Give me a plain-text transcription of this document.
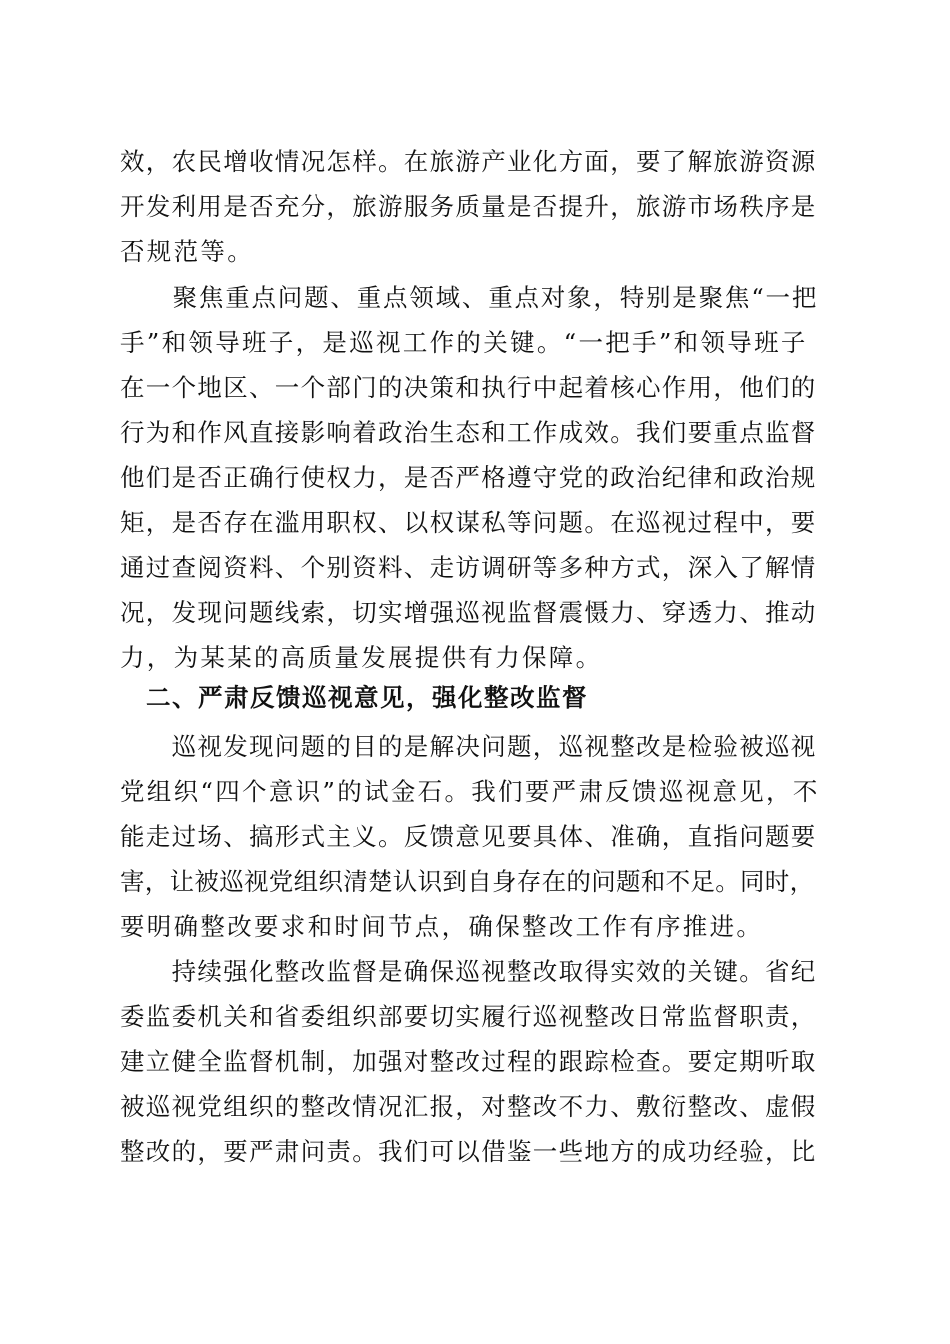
效，农民增收情况怎样。在旅游产业化方面，要了解旅游资源
开发利用是否充分，旅游服务质量是否提升，旅游市场秩序是
否规范等。
　　聚焦重点问题、重点领域、重点对象，特别是聚焦“一把
手”和领导班子，是巡视工作的关键。“一把手”和领导班子
在一个地区、一个部门的决策和执行中起着核心作用，他们的
行为和作风直接影响着政治生态和工作成效。我们要重点监督
他们是否正确行使权力，是否严格遵守党的政治纪律和政治规
矩，是否存在滥用职权、以权谋私等问题。在巡视过程中，要
通过查阅资料、个别资料、走访调研等多种方式，深入了解情
况，发现问题线索，切实增强巡视监督震慑力、穿透力、推动
力，为某某的高质量发展提供有力保障。
　二、严肃反馈巡视意见，强化整改监督
　　巡视发现问题的目的是解决问题，巡视整改是检验被巡视
党组织“四个意识”的试金石。我们要严肃反馈巡视意见，不
能走过场、搞形式主义。反馈意见要具体、准确，直指问题要
害，让被巡视党组织清楚认识到自身存在的问题和不足。同时，
要明确整改要求和时间节点，确保整改工作有序推进。
　　持续强化整改监督是确保巡视整改取得实效的关键。省纪
委监委机关和省委组织部要切实履行巡视整改日常监督职责，
建立健全监督机制，加强对整改过程的跟踪检查。要定期听取
被巡视党组织的整改情况汇报，对整改不力、敷衍整改、虚假
整改的，要严肃问责。我们可以借鉴一些地方的成功经验，比
